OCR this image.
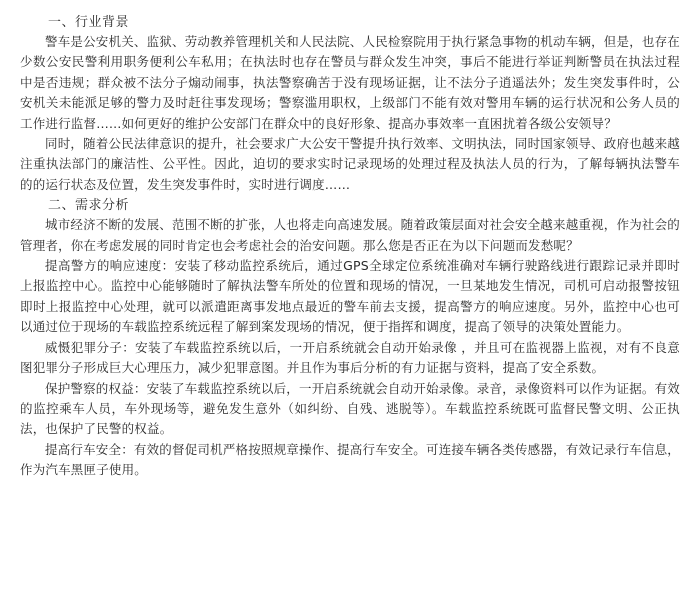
一、行业背景

警车是公安机关、监狱、劳动教养管理机关和人民法院、人民检察院用于执行紧急事物的机动车辆，但是，也存在少数公安民警利用职务便利公车私用；在执法时也存在警员与群众发生冲突，事后不能进行举证判断警员在执法过程中是否违规；群众被不法分子煽动闹事，执法警察确苦于没有现场证据，让不法分子逍遥法外；发生突发事件时，公安机关未能派足够的警力及时赶往事发现场；警察滥用职权，上级部门不能有效对警用车辆的运行状况和公务人员的工作进行监督……如何更好的维护公安部门在群众中的良好形象、提高办事效率一直困扰着各级公安领导？

同时，随着公民法律意识的提升，社会要求广大公安干警提升执行效率、文明执法，同时国家领导、政府也越来越注重执法部门的廉洁性、公平性。因此，迫切的要求实时记录现场的处理过程及执法人员的行为，了解每辆执法警车的的运行状态及位置，发生突发事件时，实时进行调度……

二、需求分析

城市经济不断的发展、范围不断的扩张，人也将走向高速发展。随着政策层面对社会安全越来越重视，作为社会的管理者，你在考虑发展的同时肯定也会考虑社会的治安问题。那么您是否正在为以下问题而发愁呢？

提高警方的响应速度：安装了移动监控系统后，通过GPS全球定位系统准确对车辆行驶路线进行跟踪记录并即时上报监控中心。监控中心能够随时了解执法警车所处的位置和现场的情况，一旦某地发生情况，司机可启动报警按钮即时上报监控中心处理，就可以派遣距离事发地点最近的警车前去支援，提高警方的响应速度。另外，监控中心也可以通过位于现场的车载监控系统远程了解到案发现场的情况，便于指挥和调度，提高了领导的决策处置能力。

威慑犯罪分子：安装了车载监控系统以后，一开启系统就会自动开始录像 ，并且可在监视器上监视，对有不良意图犯罪分子形成巨大心理压力，减少犯罪意图。并且作为事后分析的有力证据与资料，提高了安全系数。

保护警察的权益：安装了车载监控系统以后，一开启系统就会自动开始录像。录音，录像资料可以作为证据。有效的监控乘车人员，车外现场等，避免发生意外（如纠纷、自残、逃脱等）。车载监控系统既可监督民警文明、公正执法，也保护了民警的权益。

提高行车安全：有效的督促司机严格按照规章操作、提高行车安全。可连接车辆各类传感器，有效记录行车信息，作为汽车黑匣子使用。
